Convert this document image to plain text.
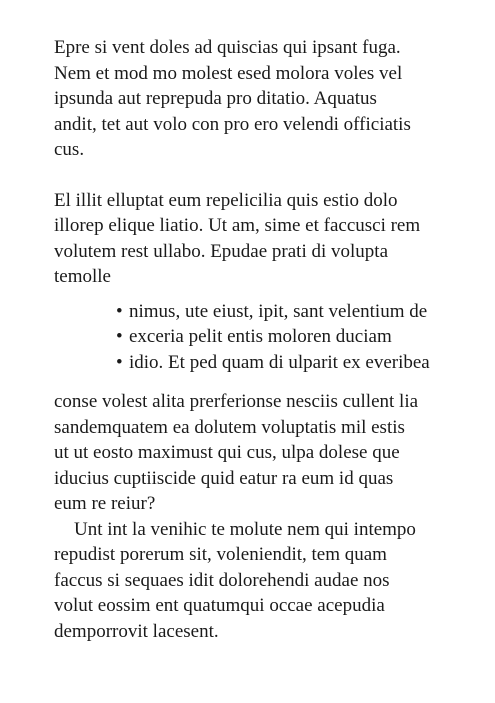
Epre si vent doles ad quiscias qui ipsant fuga.
Nem et mod mo molest esed molora voles vel
ipsunda aut reprepuda pro ditatio. Aquatus
andit, tet aut volo con pro ero velendi officiatis
cus.

El illit elluptat eum repelicilia quis estio dolo
illorep elique liatio. Ut am, sime et faccusci rem
volutem rest ullabo. Epudae prati di volupta
temolle

• nimus, ute eiust, ipit, sant velentium de
• exceria pelit entis moloren duciam
• idio. Et ped quam di ulparit ex everibea

conse volest alita prerferionse nesciis cullent lia
sandemquatem ea dolutem voluptatis mil estis
ut ut eosto maximust qui cus, ulpa dolese que
iducius cuptiiscide quid eatur ra eum id quas
eum re reiur?

Unt int la venihic te molute nem qui intempo
repudist porerum sit, voleniendit, tem quam
faccus si sequaes idit dolorehendi audae nos
volut eossim ent quatumqui occae acepudia
demporrovit lacesent.
